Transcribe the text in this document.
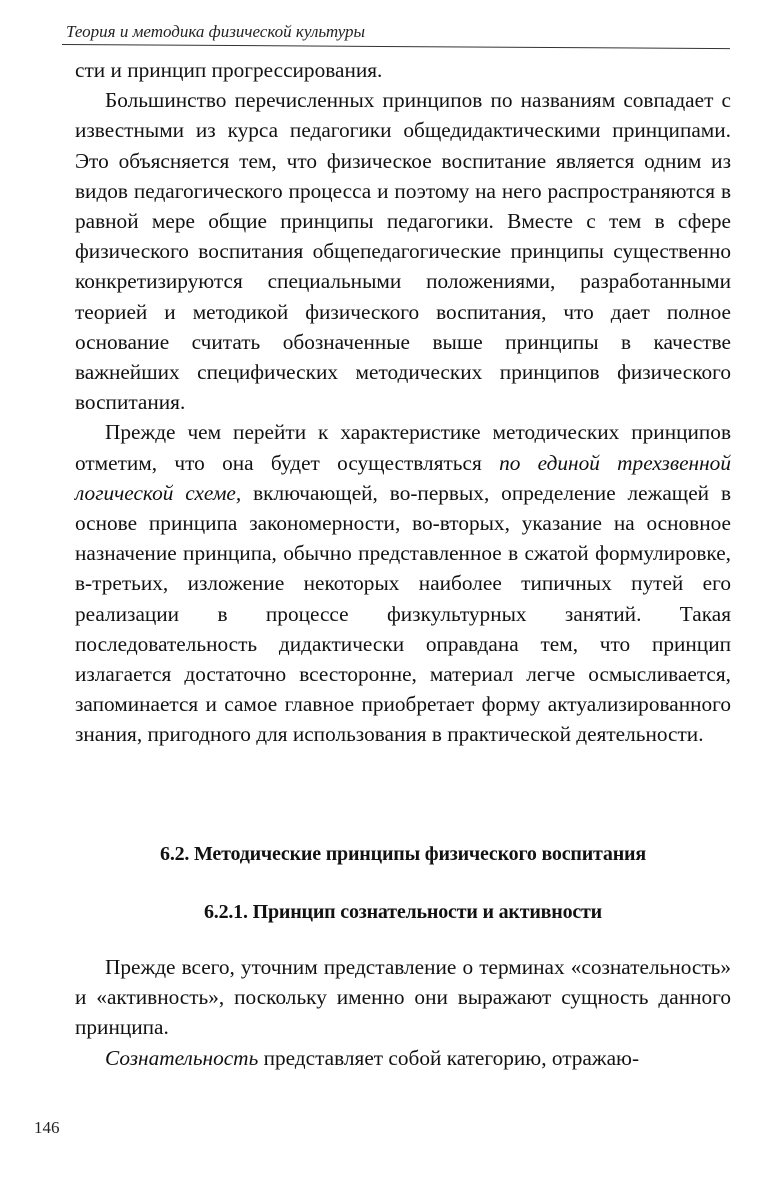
Теория и методика физической культуры

сти и принцип прогрессирования.

Большинство перечисленных принципов по названиям совпадает с известными из курса педагогики общедидактическими принципами. Это объясняется тем, что физическое воспитание является одним из видов педагогического процесса и поэтому на него распространяются в равной мере общие принципы педагогики. Вместе с тем в сфере физического воспитания общепедагогические принципы существенно конкретизируются специальными положениями, разработанными теорией и методикой физического воспитания, что дает полное основание считать обозначенные выше принципы в качестве важнейших специфических методических принципов физического воспитания.

Прежде чем перейти к характеристике методических принципов отметим, что она будет осуществляться по единой трехзвенной логической схеме, включающей, во-первых, определение лежащей в основе принципа закономерности, во-вторых, указание на основное назначение принципа, обычно представленное в сжатой формулировке, в-третьих, изложение некоторых наиболее типичных путей его реализации в процессе физкультурных занятий. Такая последовательность дидактически оправдана тем, что принцип излагается достаточно всесторонне, материал легче осмысливается, запоминается и самое главное приобретает форму актуализированного знания, пригодного для использования в практической деятельности.

6.2. Методические принципы физического воспитания
6.2.1. Принцип сознательности и активности

Прежде всего, уточним представление о терминах «сознательность» и «активность», поскольку именно они выражают сущность данного принципа.

Сознательность представляет собой категорию, отражаю-

146
